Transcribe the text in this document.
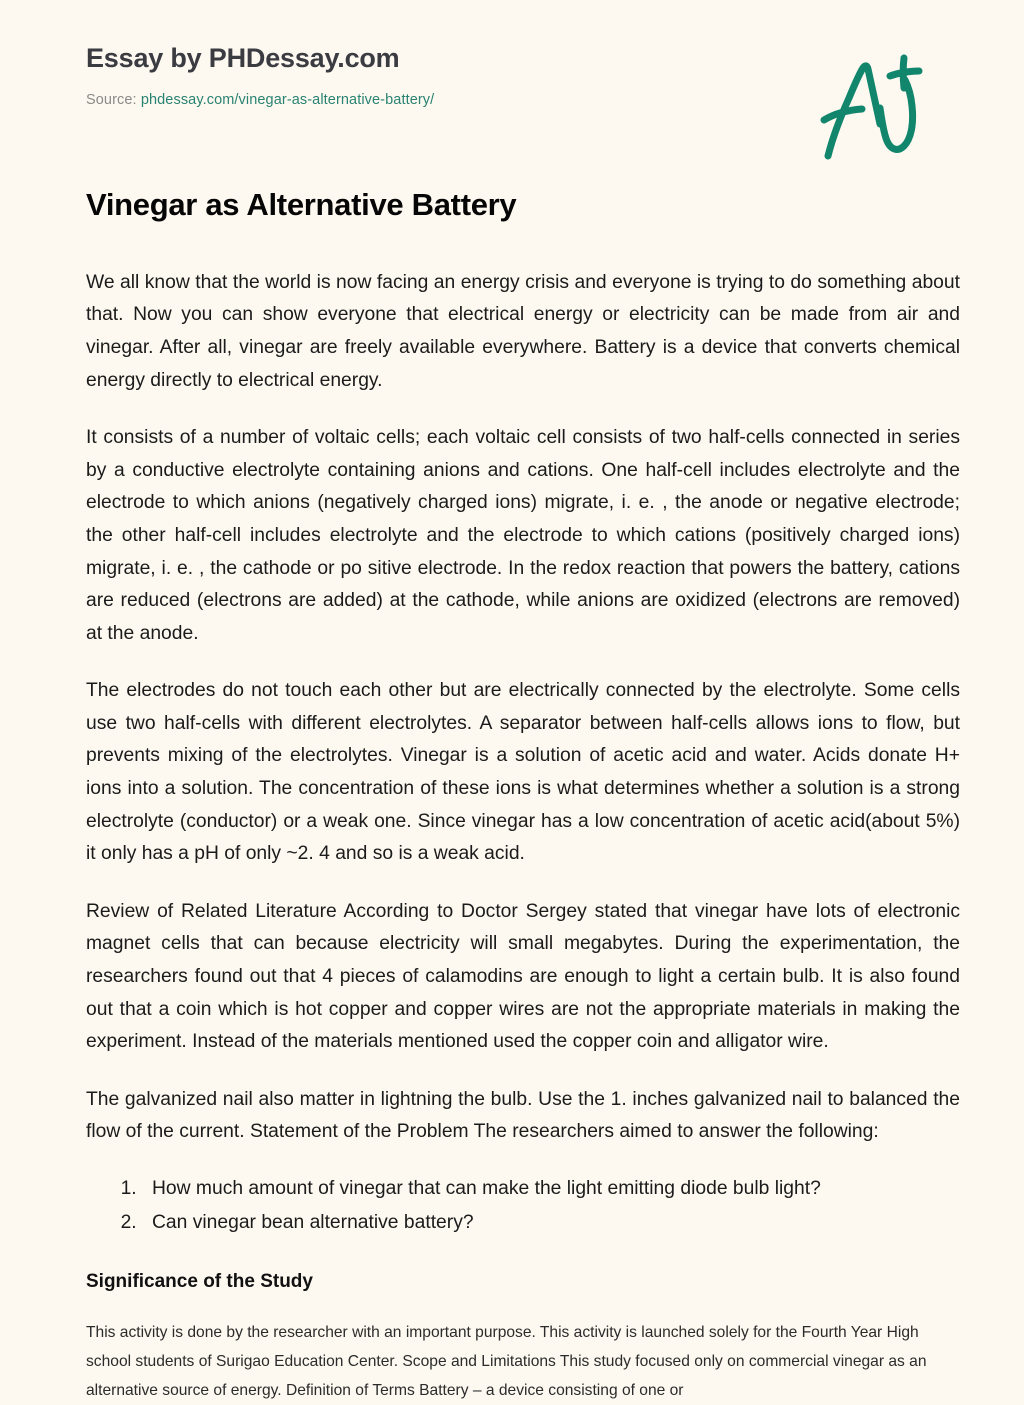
Essay by PHDessay.com
Source: phdessay.com/vinegar-as-alternative-battery/
Vinegar as Alternative Battery

We all know that the world is now facing an energy crisis and everyone is trying to do something about that. Now you can show everyone that electrical energy or electricity can be made from air and vinegar. After all, vinegar are freely available everywhere. Battery is a device that converts chemical energy directly to electrical energy.

It consists of a number of voltaic cells; each voltaic cell consists of two half-cells connected in series by a conductive electrolyte containing anions and cations. One half-cell includes electrolyte and the electrode to which anions (negatively charged ions) migrate, i. e. , the anode or negative electrode; the other half-cell includes electrolyte and the electrode to which cations (positively charged ions) migrate, i. e. , the cathode or po sitive electrode. In the redox reaction that powers the battery, cations are reduced (electrons are added) at the cathode, while anions are oxidized (electrons are removed) at the anode.

The electrodes do not touch each other but are electrically connected by the electrolyte. Some cells use two half-cells with different electrolytes. A separator between half-cells allows ions to flow, but prevents mixing of the electrolytes. Vinegar is a solution of acetic acid and water. Acids donate H+ ions into a solution. The concentration of these ions is what determines whether a solution is a strong electrolyte (conductor) or a weak one. Since vinegar has a low concentration of acetic acid(about 5%) it only has a pH of only ~2. 4 and so is a weak acid.

Review of Related Literature According to Doctor Sergey stated that vinegar have lots of electronic magnet cells that can because electricity will small megabytes. During the experimentation, the researchers found out that 4 pieces of calamodins are enough to light a certain bulb. It is also found out that a coin which is hot copper and copper wires are not the appropriate materials in making the experiment. Instead of the materials mentioned used the copper coin and alligator wire.

The galvanized nail also matter in lightning the bulb. Use the 1. inches galvanized nail to balanced the flow of the current. Statement of the Problem The researchers aimed to answer the following:

1. How much amount of vinegar that can make the light emitting diode bulb light?
2. Can vinegar bean alternative battery?
Significance of the Study

This activity is done by the researcher with an important purpose. This activity is launched solely for the Fourth Year High school students of Surigao Education Center. Scope and Limitations This study focused only on commercial vinegar as an alternative source of energy. Definition of Terms Battery – a device consisting of one or
